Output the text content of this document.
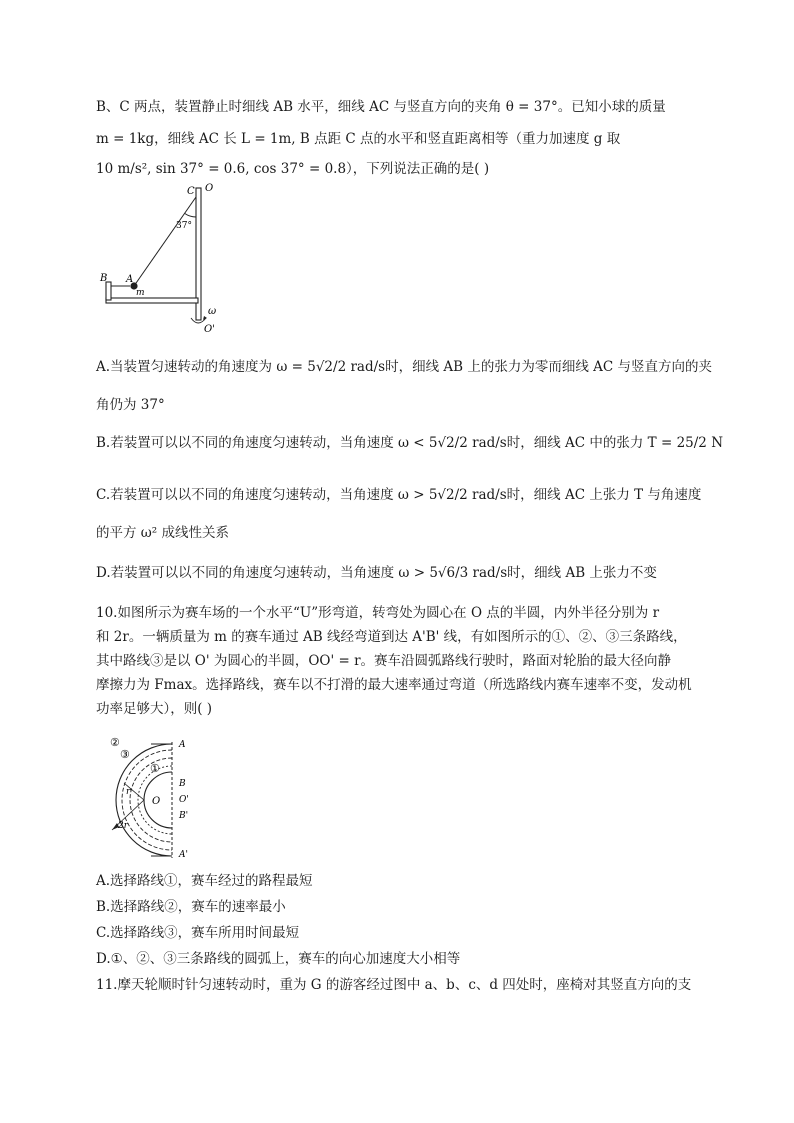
B、C 两点，装置静止时细线 AB 水平，细线 AC 与竖直方向的夹角 θ = 37°。已知小球的质量
m = 1kg，细线 AC 长 L = 1m, B 点距 C 点的水平和竖直距离相等（重力加速度 g 取
10 m/s², sin 37° = 0.6, cos 37° = 0.8），下列说法正确的是( )
C O
37°
A
m
B
ω
O'
A.当装置匀速转动的角速度为 ω = 5√2/2 rad/s时，细线 AB 上的张力为零而细线 AC 与竖直方向的夹
角仍为 37°
B.若装置可以以不同的角速度匀速转动，当角速度 ω < 5√2/2 rad/s时，细线 AC 中的张力 T = 25/2 N
C.若装置可以以不同的角速度匀速转动，当角速度 ω > 5√2/2 rad/s时，细线 AC 上张力 T 与角速度
的平方 ω² 成线性关系
D.若装置可以以不同的角速度匀速转动，当角速度 ω > 5√6/3 rad/s时，细线 AB 上张力不变
10.如图所示为赛车场的一个水平“U”形弯道，转弯处为圆心在 O 点的半圆，内外半径分别为 r
和 2r。一辆质量为 m 的赛车通过 AB 线经弯道到达 A'B' 线，有如图所示的①、②、③三条路线，
其中路线③是以 O' 为圆心的半圆，OO' = r。赛车沿圆弧路线行驶时，路面对轮胎的最大径向静
摩擦力为 Fmax。选择路线，赛车以不打滑的最大速率通过弯道（所选路线内赛车速率不变，发动机
功率足够大），则( )
②
③
①
A
B
O'
B'
A'
O
r
2r
A.选择路线①，赛车经过的路程最短
B.选择路线②，赛车的速率最小
C.选择路线③，赛车所用时间最短
D.①、②、③三条路线的圆弧上，赛车的向心加速度大小相等
11.摩天轮顺时针匀速转动时，重为 G 的游客经过图中 a、b、c、d 四处时，座椅对其竖直方向的支
